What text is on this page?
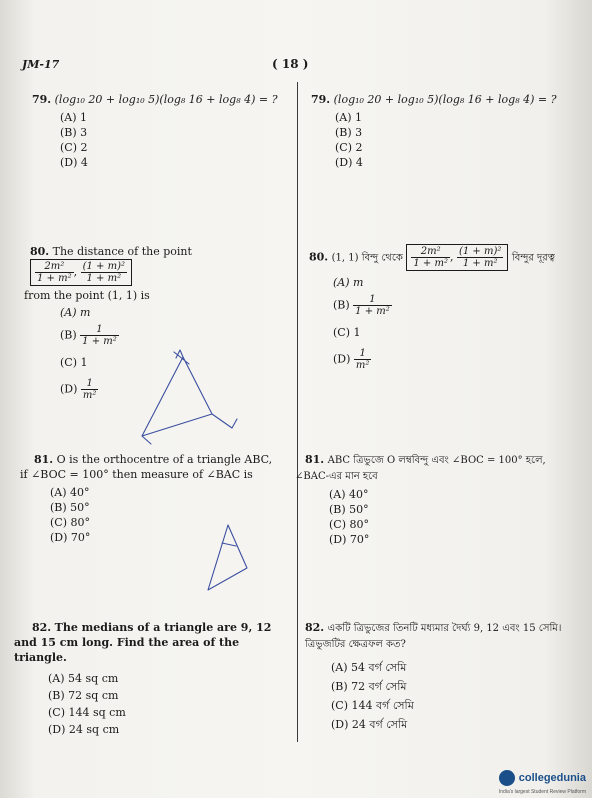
JM-17	( 18 )
79. (log₁₀ 20 + log₁₀ 5)(log₈ 16 + log₈ 4) = ?
(A) 1
(B) 3
(C) 2
(D) 4
80. The distance of the point
$\frac{\text{2m²}}{\text{1 + m²}}$ , $\frac{\text{(1 + m)²}}{\text{1 + m²}}$
from the point (1, 1) is
(A) m
$(B) \frac{1}{\text{1 + m²}}$
(C) 1
$(D) \frac{1}{\text{m²}}$
81. O is the orthocentre of a triangle ABC, if ∠BOC = 100° then measure of ∠BAC is
(A) 40°
(B) 50°
(C) 80°
(D) 70°
82. The medians of a triangle are 9, 12 and 15 cm long. Find the area of the triangle.
(A) 54 sq cm
(B) 72 sq cm
(C) 144 sq cm
(D) 24 sq cm
79. (log₁₀ 20 + log₁₀ 5)(log₈ 16 + log₈ 4) = ?
(A) 1
(B) 3
(C) 2
(D) 4
80. (1, 1) বিন্দু থেকে $\frac{\text{2m²}}{\text{1 + m²}}$ , $\frac{\text{(1 + m)²}}{\text{1 + m²}}$ বিন্দুর দূরত্ব
(A) m
$(B) \frac{1}{\text{1 + m²}}$
(C) 1
$(D) \frac{1}{\text{m²}}$
81. ABC ত্রিভুজে O লম্ববিন্দু এবং ∠BOC = 100° হলে, ∠BAC-এর মান হবে
(A) 40°
(B) 50°
(C) 80°
(D) 70°
82. একটি ত্রিভুজের তিনটি মধ্যমার দৈর্ঘ্য 9, 12 এবং 15 সেমি। ত্রিভুজটির ক্ষেত্রফল কত?
(A) 54 বর্গ সেমি
(B) 72 বর্গ সেমি
(C) 144 বর্গ সেমি
(D) 24 বর্গ সেমি
collegedunia
India's largest Student Review Platform
